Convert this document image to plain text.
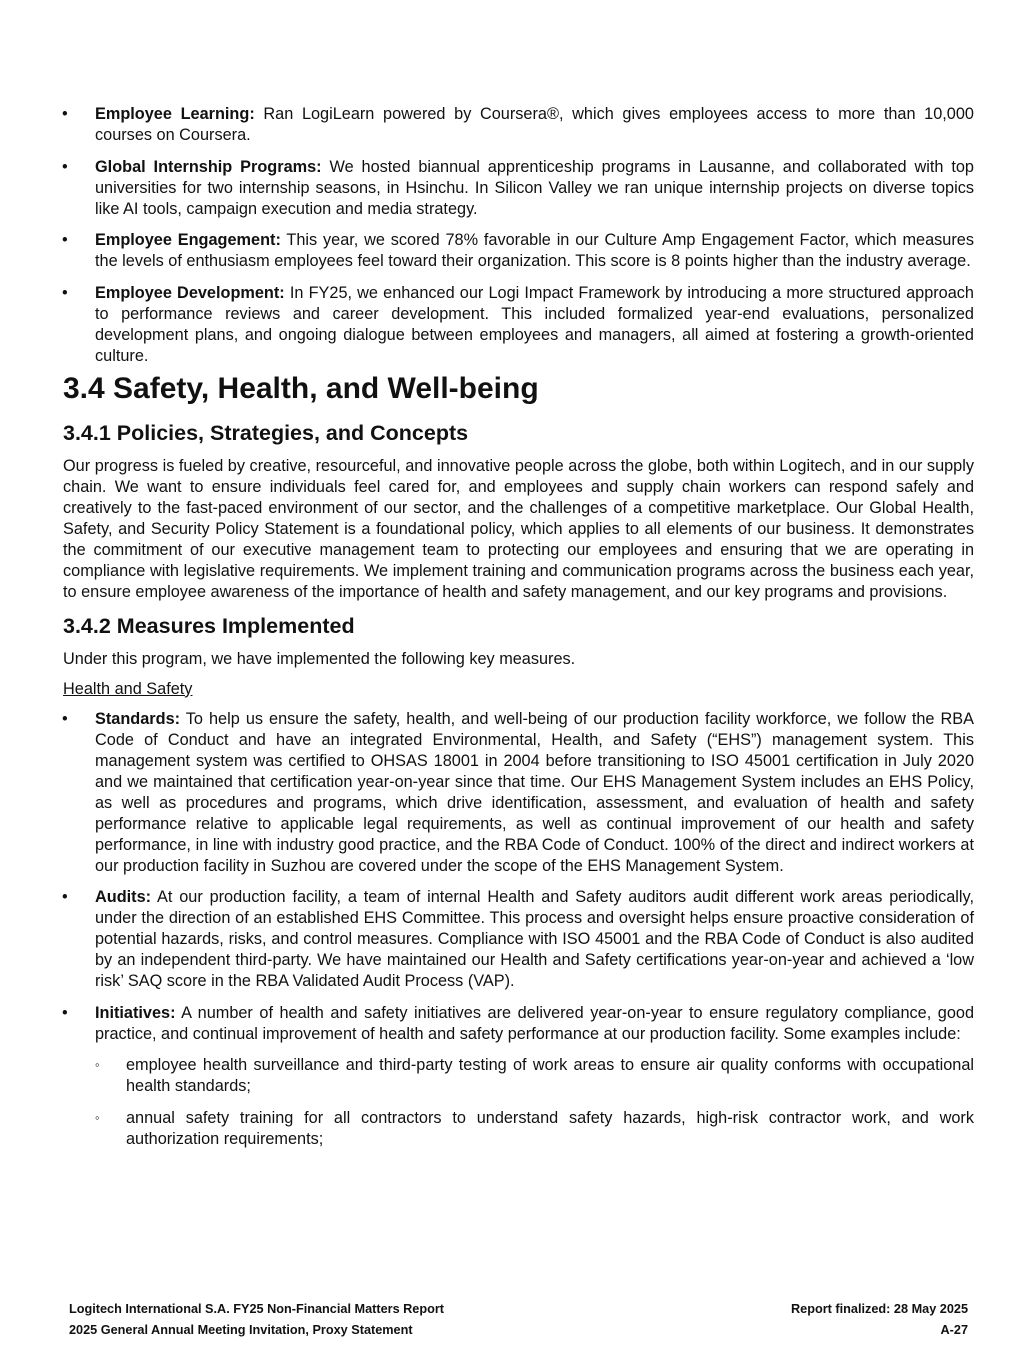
• Employee Learning: Ran LogiLearn powered by Coursera®, which gives employees access to more than 10,000 courses on Coursera.
• Global Internship Programs: We hosted biannual apprenticeship programs in Lausanne, and collaborated with top universities for two internship seasons, in Hsinchu. In Silicon Valley we ran unique internship projects on diverse topics like AI tools, campaign execution and media strategy.
• Employee Engagement: This year, we scored 78% favorable in our Culture Amp Engagement Factor, which measures the levels of enthusiasm employees feel toward their organization. This score is 8 points higher than the industry average.
• Employee Development: In FY25, we enhanced our Logi Impact Framework by introducing a more structured approach to performance reviews and career development. This included formalized year-end evaluations, personalized development plans, and ongoing dialogue between employees and managers, all aimed at fostering a growth-oriented culture.
3.4 Safety, Health, and Well-being
3.4.1 Policies, Strategies, and Concepts

Our progress is fueled by creative, resourceful, and innovative people across the globe, both within Logitech, and in our supply chain. We want to ensure individuals feel cared for, and employees and supply chain workers can respond safely and creatively to the fast-paced environment of our sector, and the challenges of a competitive marketplace. Our Global Health, Safety, and Security Policy Statement is a foundational policy, which applies to all elements of our business. It demonstrates the commitment of our executive management team to protecting our employees and ensuring that we are operating in compliance with legislative requirements. We implement training and communication programs across the business each year, to ensure employee awareness of the importance of health and safety management, and our key programs and provisions.

3.4.2 Measures Implemented

Under this program, we have implemented the following key measures.

Health and Safety

• Standards: To help us ensure the safety, health, and well-being of our production facility workforce, we follow the RBA Code of Conduct and have an integrated Environmental, Health, and Safety (“EHS”) management system. This management system was certified to OHSAS 18001 in 2004 before transitioning to ISO 45001 certification in July 2020 and we maintained that certification year-on-year since that time. Our EHS Management System includes an EHS Policy, as well as procedures and programs, which drive identification, assessment, and evaluation of health and safety performance relative to applicable legal requirements, as well as continual improvement of our health and safety performance, in line with industry good practice, and the RBA Code of Conduct. 100% of the direct and indirect workers at our production facility in Suzhou are covered under the scope of the EHS Management System.
• Audits: At our production facility, a team of internal Health and Safety auditors audit different work areas periodically, under the direction of an established EHS Committee. This process and oversight helps ensure proactive consideration of potential hazards, risks, and control measures. Compliance with ISO 45001 and the RBA Code of Conduct is also audited by an independent third-party. We have maintained our Health and Safety certifications year-on-year and achieved a ‘low risk’ SAQ score in the RBA Validated Audit Process (VAP).
• Initiatives: A number of health and safety initiatives are delivered year-on-year to ensure regulatory compliance, good practice, and continual improvement of health and safety performance at our production facility. Some examples include:
◦ employee health surveillance and third-party testing of work areas to ensure air quality conforms with occupational health standards;
◦ annual safety training for all contractors to understand safety hazards, high-risk contractor work, and work authorization requirements;
Logitech International S.A. FY25 Non-Financial Matters Report	Report finalized: 28 May 2025
2025 General Annual Meeting Invitation, Proxy Statement	A-27
